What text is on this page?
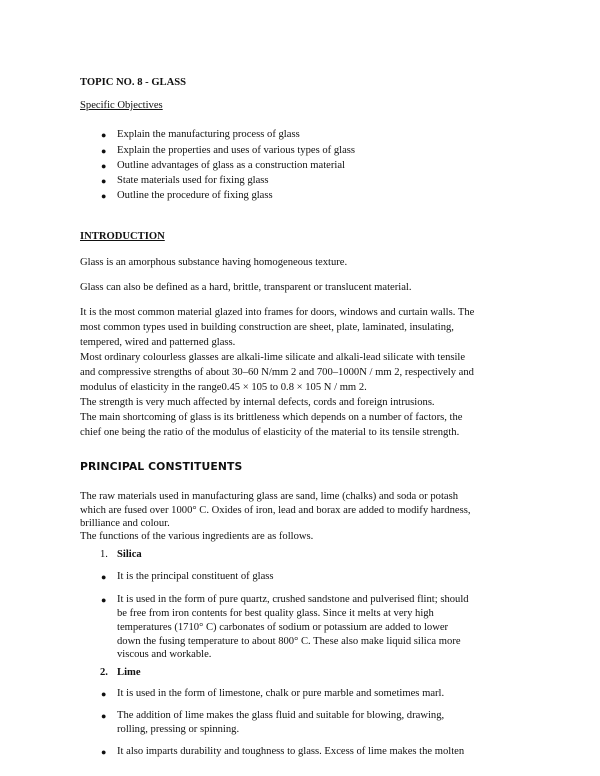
TOPIC NO. 8 - GLASS
Specific Objectives
● Explain the manufacturing process of glass
● Explain the properties and uses of various types of glass
● Outline advantages of glass as a construction material
● State materials used for fixing glass
● Outline the procedure of fixing glass
INTRODUCTION
Glass is an amorphous substance having homogeneous texture.
Glass can also be defined as a hard, brittle, transparent or translucent material.
It is the most common material glazed into frames for doors, windows and curtain walls. The
most common types used in building construction are sheet, plate, laminated, insulating,
tempered, wired and patterned glass.
Most ordinary colourless glasses are alkali-lime silicate and alkali-lead silicate with tensile
and compressive strengths of about 30–60 N/mm 2 and 700–1000N / mm 2, respectively and
modulus of elasticity in the range0.45 × 105 to 0.8 × 105 N / mm 2.
The strength is very much affected by internal defects, cords and foreign intrusions.
The main shortcoming of glass is its brittleness which depends on a number of factors, the
chief one being the ratio of the modulus of elasticity of the material to its tensile strength.
PRINCIPAL CONSTITUENTS
The raw materials used in manufacturing glass are sand, lime (chalks) and soda or potash
which are fused over 1000° C. Oxides of iron, lead and borax are added to modify hardness,
brilliance and colour.
The functions of the various ingredients are as follows.
1. Silica
● It is the principal constituent of glass
● It is used in the form of pure quartz, crushed sandstone and pulverised flint; should
be free from iron contents for best quality glass. Since it melts at very high
temperatures (1710° C) carbonates of sodium or potassium are added to lower
down the fusing temperature to about 800° C. These also make liquid silica more
viscous and workable.
2. Lime
● It is used in the form of limestone, chalk or pure marble and sometimes marl.
● The addition of lime makes the glass fluid and suitable for blowing, drawing,
rolling, pressing or spinning.
● It also imparts durability and toughness to glass. Excess of lime makes the molten
